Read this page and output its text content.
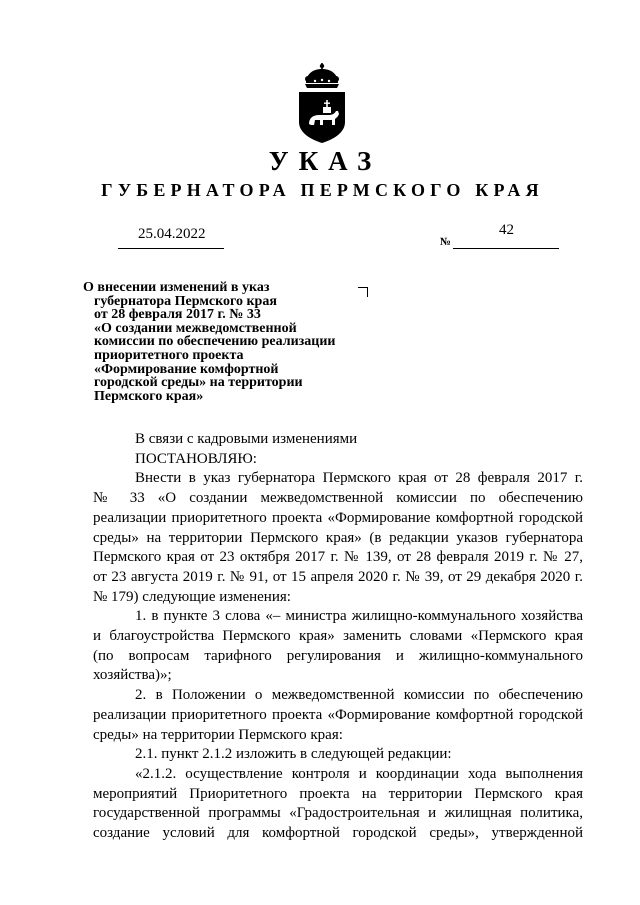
УКАЗ
ГУБЕРНАТОРА ПЕРМСКОГО КРАЯ
25.04.2022	№
42
О внесении изменений в указ
губернатора Пермского края
от 28 февраля 2017 г. № 33
«О создании межведомственной
комиссии по обеспечению реализации
приоритетного проекта
«Формирование комфортной
городской среды» на территории
Пермского края»
В связи с кадровыми изменениями
ПОСТАНОВЛЯЮ:
Внести в указ губернатора Пермского края от 28 февраля 2017 г.
№ 33 «О создании межведомственной комиссии по обеспечению
реализации приоритетного проекта «Формирование комфортной городской
среды» на территории Пермского края» (в редакции указов губернатора
Пермского края от 23 октября 2017 г. № 139, от 28 февраля 2019 г. № 27,
от 23 августа 2019 г. № 91, от 15 апреля 2020 г. № 39, от 29 декабря 2020 г.
№ 179) следующие изменения:
1. в пункте 3 слова «– министра жилищно-коммунального хозяйства
и благоустройства Пермского края» заменить словами «Пермского края
(по вопросам тарифного регулирования и жилищно-коммунального
хозяйства)»;
2. в Положении о межведомственной комиссии по обеспечению
реализации приоритетного проекта «Формирование комфортной городской
среды» на территории Пермского края:
2.1. пункт 2.1.2 изложить в следующей редакции:
«2.1.2. осуществление контроля и координации хода выполнения
мероприятий Приоритетного проекта на территории Пермского края
государственной программы «Градостроительная и жилищная политика,
создание условий для комфортной городской среды», утвержденной
